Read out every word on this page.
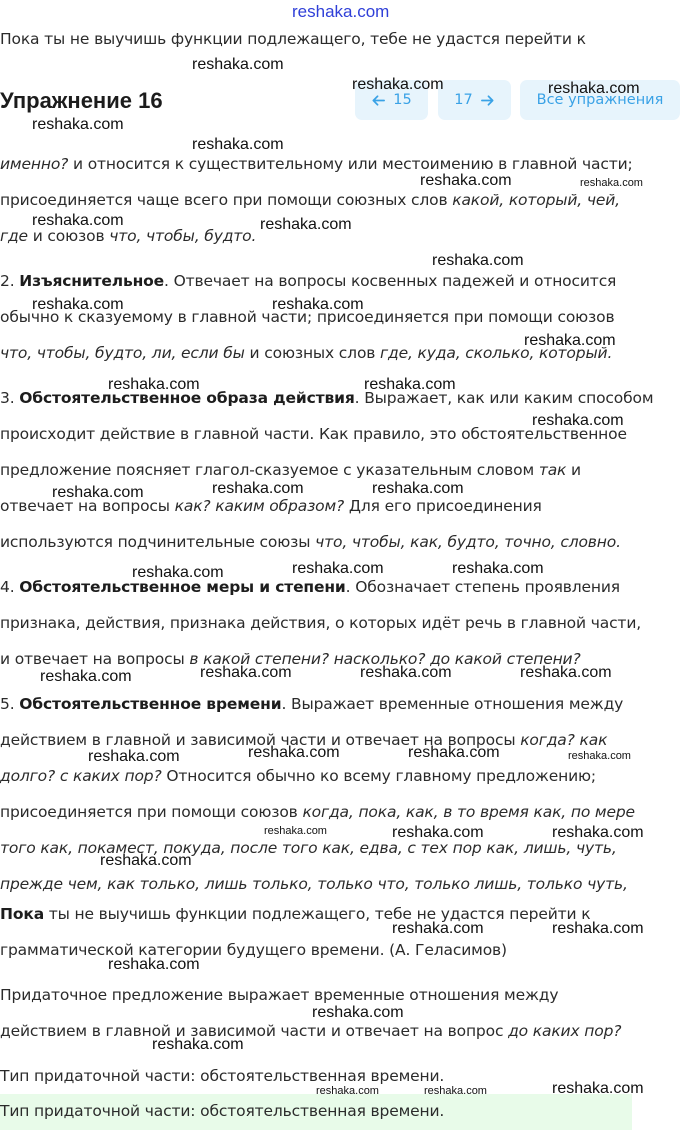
reshaka.com
Пока ты не выучишь функции подлежащего, тебе не удастся перейти к
Упражнение 16	15	17	Все упражнения
именно? и относится к существительному или местоимению в главной части;
присоединяется чаще всего при помощи союзных слов какой, который, чей,
где и союзов что, чтобы, будто.
2. Изъяснительное. Отвечает на вопросы косвенных падежей и относится
обычно к сказуемому в главной части; присоединяется при помощи союзов
что, чтобы, будто, ли, если бы и союзных слов где, куда, сколько, который.
3. Обстоятельственное образа действия. Выражает, как или каким способом
происходит действие в главной части. Как правило, это обстоятельственное
предложение поясняет глагол-сказуемое с указательным словом так и
отвечает на вопросы как? каким образом? Для его присоединения
используются подчинительные союзы что, чтобы, как, будто, точно, словно.
4. Обстоятельственное меры и степени. Обозначает степень проявления
признака, действия, признака действия, о которых идёт речь в главной части,
и отвечает на вопросы в какой степени? насколько? до какой степени?
5. Обстоятельственное времени. Выражает временные отношения между
действием в главной и зависимой части и отвечает на вопросы когда? как
долго? с каких пор? Относится обычно ко всему главному предложению;
присоединяется при помощи союзов когда, пока, как, в то время как, по мере
того как, покамест, покуда, после того как, едва, с тех пор как, лишь, чуть,
прежде чем, как только, лишь только, только что, только лишь, только чуть,
Пока ты не выучишь функции подлежащего, тебе не удастся перейти к
грамматической категории будущего времени. (А. Геласимов)
Придаточное предложение выражает временные отношения между
действием в главной и зависимой части и отвечает на вопрос до каких пор?
Тип придаточной части: обстоятельственная времени.
Тип придаточной части: обстоятельственная времени.
reshaka.com
reshaka.com	reshaka.com
reshaka.com
reshaka.com
reshaka.com	reshaka.com
reshaka.com	reshaka.com
reshaka.com
reshaka.com	reshaka.com
reshaka.com
reshaka.com	reshaka.com
reshaka.com
reshaka.com	reshaka.com	reshaka.com
reshaka.com	reshaka.com	reshaka.com
reshaka.com	reshaka.com	reshaka.com	reshaka.com
reshaka.com	reshaka.com	reshaka.com	reshaka.com
reshaka.com	reshaka.com	reshaka.com
reshaka.com
reshaka.com	reshaka.com
reshaka.com
reshaka.com
reshaka.com
reshaka.com	reshaka.com	reshaka.com
